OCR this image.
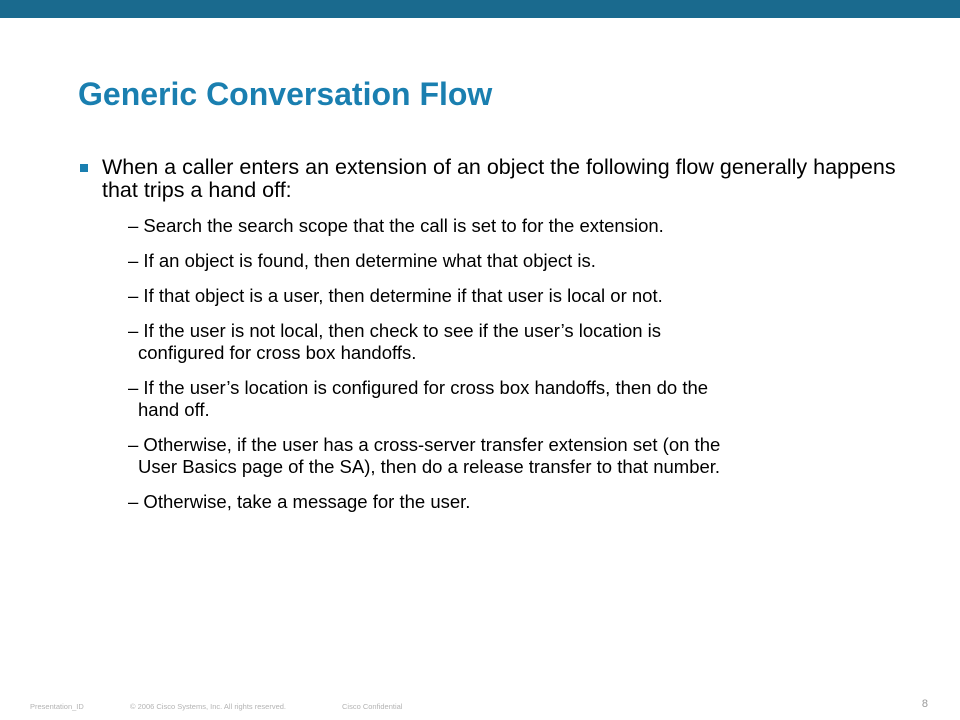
Generic Conversation Flow
When a caller enters an extension of an object the following flow generally happens that trips a hand off:
– Search the search scope that the call is set to for the extension.
– If an object is found, then determine what that object is.
– If that object is a user, then determine if that user is local or not.
– If the user is not local, then check to see if the user’s location is
configured for cross box handoffs.
– If the user’s location is configured for cross box handoffs, then do the
hand off.
– Otherwise, if the user has a cross-server transfer extension set (on the
User Basics page of the SA), then do a release transfer to that number.
– Otherwise, take a message for the user.
Presentation_ID	© 2006 Cisco Systems, Inc. All rights reserved.	Cisco Confidential	8
